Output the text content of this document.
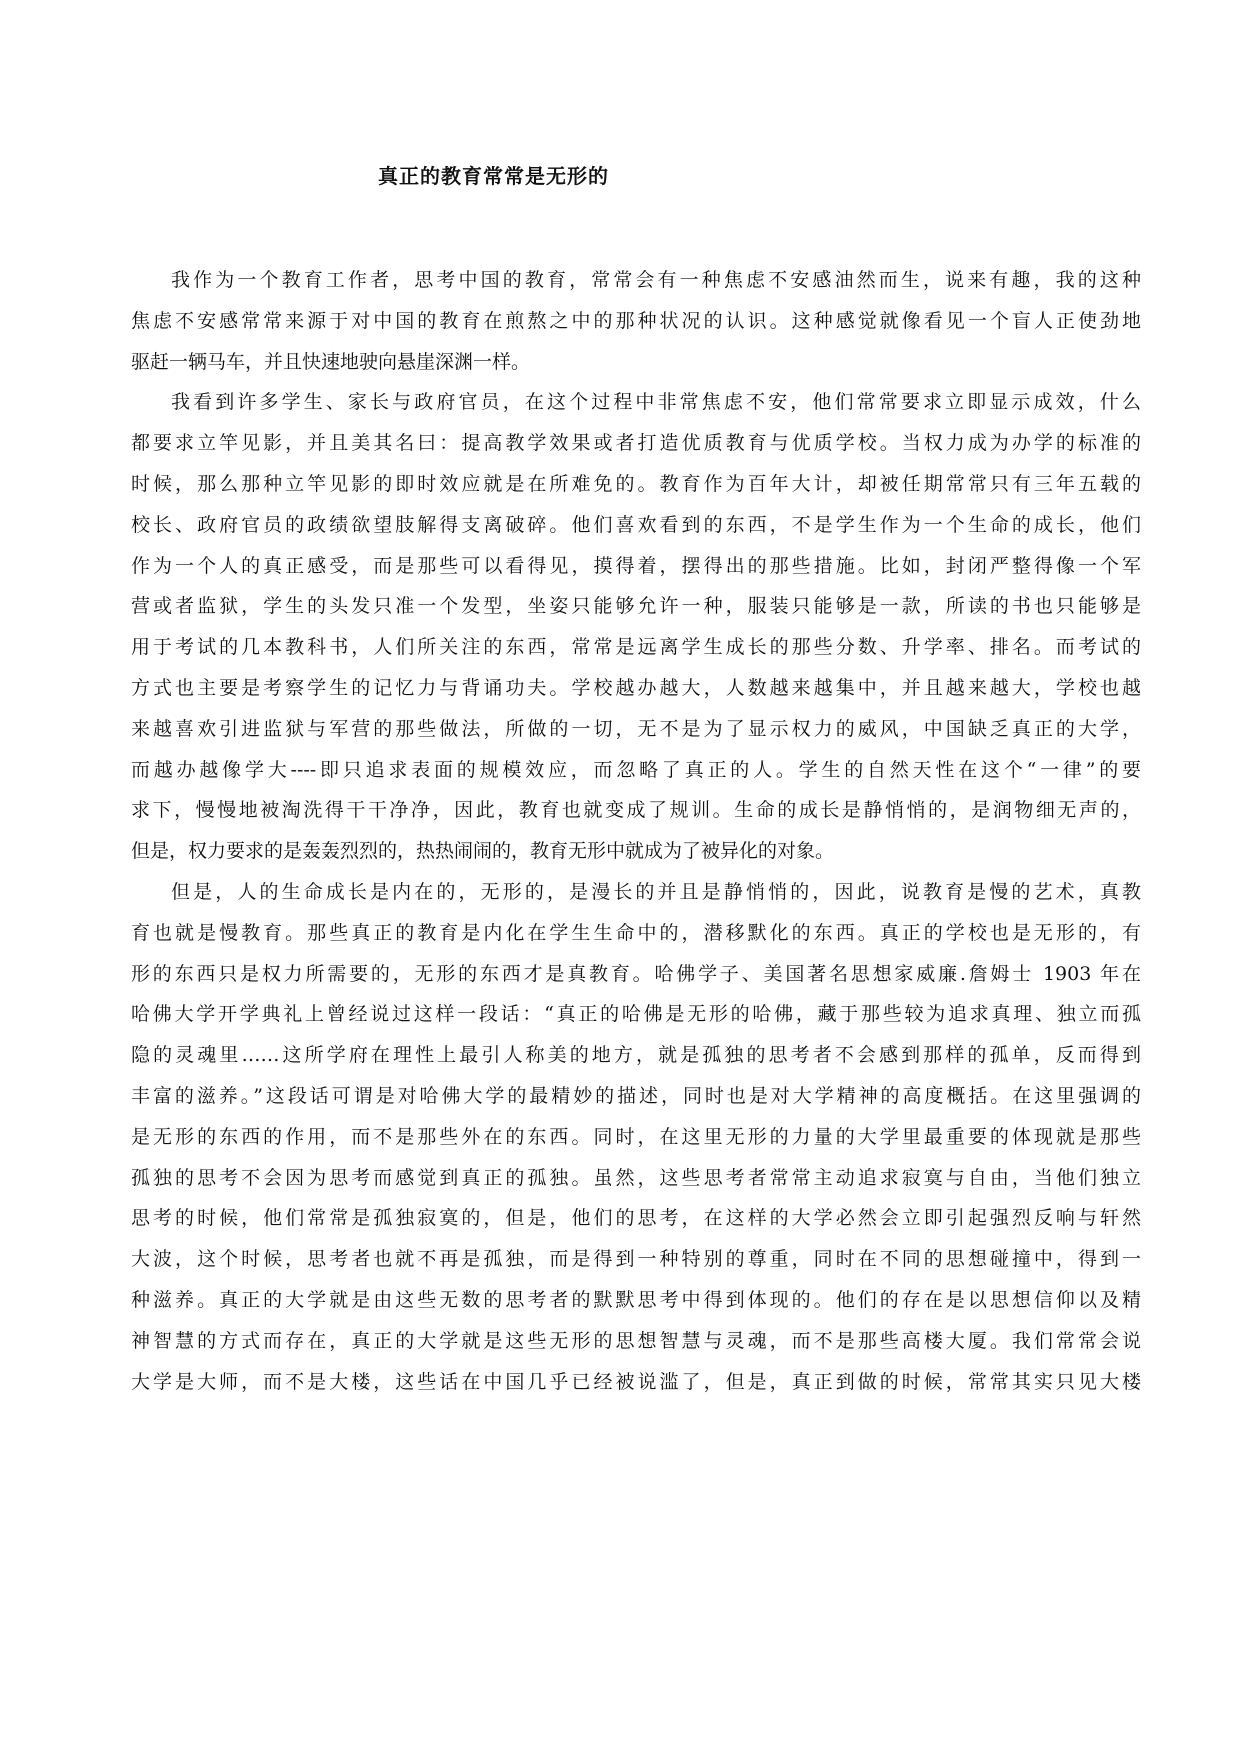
真正的教育常常是无形的
我作为一个教育工作者，思考中国的教育，常常会有一种焦虑不安感油然而生，说来有趣，我的这种
焦虑不安感常常来源于对中国的教育在煎熬之中的那种状况的认识。这种感觉就像看见一个盲人正使劲地
驱赶一辆马车，并且快速地驶向悬崖深渊一样。
我看到许多学生、家长与政府官员，在这个过程中非常焦虑不安，他们常常要求立即显示成效，什么
都要求立竿见影，并且美其名曰：提高教学效果或者打造优质教育与优质学校。当权力成为办学的标准的
时候，那么那种立竿见影的即时效应就是在所难免的。教育作为百年大计，却被任期常常只有三年五载的
校长、政府官员的政绩欲望肢解得支离破碎。他们喜欢看到的东西，不是学生作为一个生命的成长，他们
作为一个人的真正感受，而是那些可以看得见，摸得着，摆得出的那些措施。比如，封闭严整得像一个军
营或者监狱，学生的头发只准一个发型，坐姿只能够允许一种，服装只能够是一款，所读的书也只能够是
用于考试的几本教科书，人们所关注的东西，常常是远离学生成长的那些分数、升学率、排名。而考试的
方式也主要是考察学生的记忆力与背诵功夫。学校越办越大，人数越来越集中，并且越来越大，学校也越
来越喜欢引进监狱与军营的那些做法，所做的一切，无不是为了显示权力的威风，中国缺乏真正的大学，
而越办越像学大----即只追求表面的规模效应，而忽略了真正的人。学生的自然天性在这个“一律”的要
求下，慢慢地被淘洗得干干净净，因此，教育也就变成了规训。生命的成长是静悄悄的，是润物细无声的，
但是，权力要求的是轰轰烈烈的，热热闹闹的，教育无形中就成为了被异化的对象。
但是，人的生命成长是内在的，无形的，是漫长的并且是静悄悄的，因此，说教育是慢的艺术，真教
育也就是慢教育。那些真正的教育是内化在学生生命中的，潜移默化的东西。真正的学校也是无形的，有
形的东西只是权力所需要的，无形的东西才是真教育。哈佛学子、美国著名思想家威廉.詹姆士 1903 年在
哈佛大学开学典礼上曾经说过这样一段话：“真正的哈佛是无形的哈佛，藏于那些较为追求真理、独立而孤
隐的灵魂里……这所学府在理性上最引人称美的地方，就是孤独的思考者不会感到那样的孤单，反而得到
丰富的滋养。”这段话可谓是对哈佛大学的最精妙的描述，同时也是对大学精神的高度概括。在这里强调的
是无形的东西的作用，而不是那些外在的东西。同时，在这里无形的力量的大学里最重要的体现就是那些
孤独的思考不会因为思考而感觉到真正的孤独。虽然，这些思考者常常主动追求寂寞与自由，当他们独立
思考的时候，他们常常是孤独寂寞的，但是，他们的思考，在这样的大学必然会立即引起强烈反响与轩然
大波，这个时候，思考者也就不再是孤独，而是得到一种特别的尊重，同时在不同的思想碰撞中，得到一
种滋养。真正的大学就是由这些无数的思考者的默默思考中得到体现的。他们的存在是以思想信仰以及精
神智慧的方式而存在，真正的大学就是这些无形的思想智慧与灵魂，而不是那些高楼大厦。我们常常会说
大学是大师，而不是大楼，这些话在中国几乎已经被说滥了，但是，真正到做的时候，常常其实只见大楼
